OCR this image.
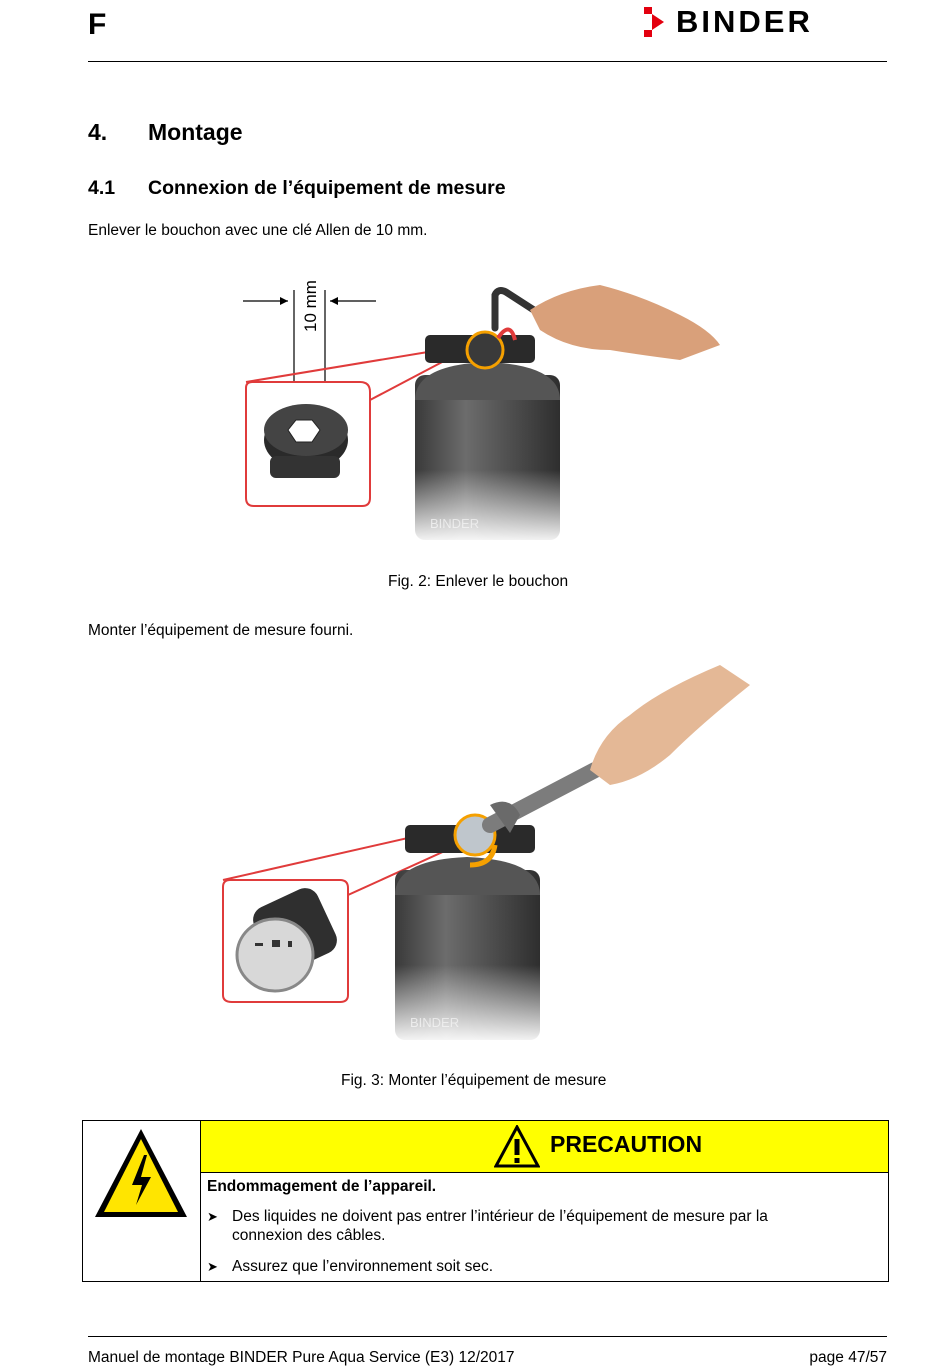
F	BINDER
4. Montage
4.1 Connexion de l’équipement de mesure
Enlever le bouchon avec une clé Allen de 10 mm.
10 mm
Fig. 2: Enlever le bouchon
Monter l’équipement de mesure fourni.
Fig. 3: Monter l’équipement de mesure
PRECAUTION
Endommagement de l’appareil.
➤ Des liquides ne doivent pas entrer l’intérieur de l’équipement de mesure par la connexion des câbles.
➤ Assurez que l’environnement soit sec.
Manuel de montage BINDER Pure Aqua Service (E3) 12/2017	page 47/57
